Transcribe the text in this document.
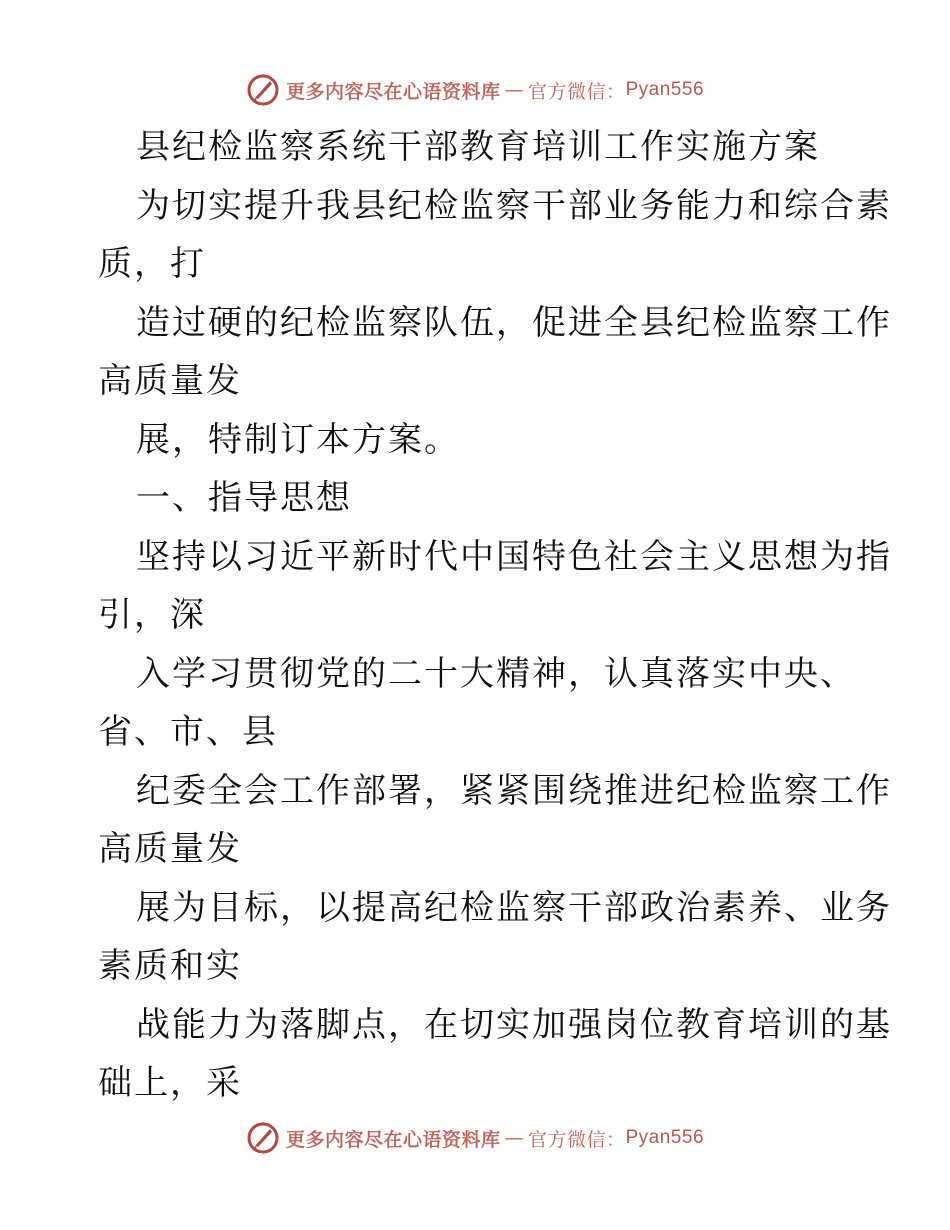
更多内容尽在心语资料库 — 官方微信： Pyan556
县纪检监察系统干部教育培训工作实施方案
为切实提升我县纪检监察干部业务能力和综合素
质，打
造过硬的纪检监察队伍，促进全县纪检监察工作
高质量发
展，特制订本方案。
一、指导思想
坚持以习近平新时代中国特色社会主义思想为指
引，深
入学习贯彻党的二十大精神，认真落实中央、
省、市、县
纪委全会工作部署，紧紧围绕推进纪检监察工作
高质量发
展为目标，以提高纪检监察干部政治素养、业务
素质和实
战能力为落脚点，在切实加强岗位教育培训的基
础上，采
更多内容尽在心语资料库 — 官方微信： Pyan556
